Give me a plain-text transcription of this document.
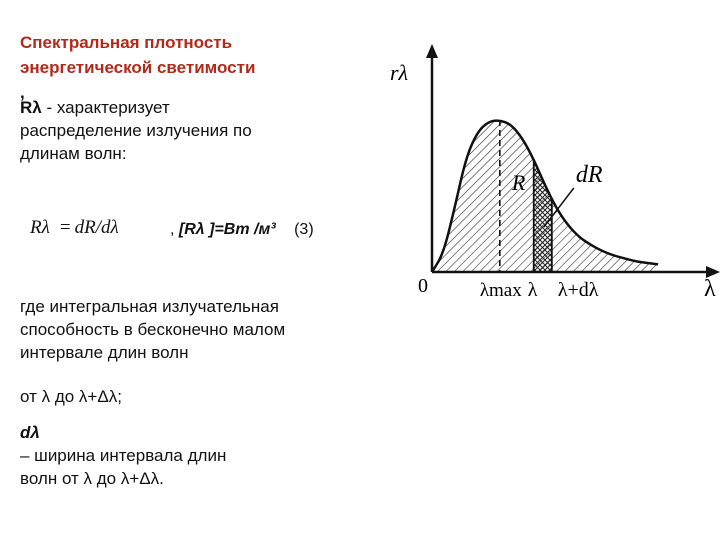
Спектральная плотность
энергетической светимости
,
Rλ - характеризует
распределение излучения по
длинам волн:
Rλ = dR/dλ	, [Rλ ]=Вт /м³ (3)
где интегральная излучательная
способность в бесконечно малом
интервале длин волн
от λ до λ+Δλ;
dλ
– ширина интервала длин
волн от λ до λ+Δλ.
rλ
λ
0
R dR
λmax λ λ+dλ
